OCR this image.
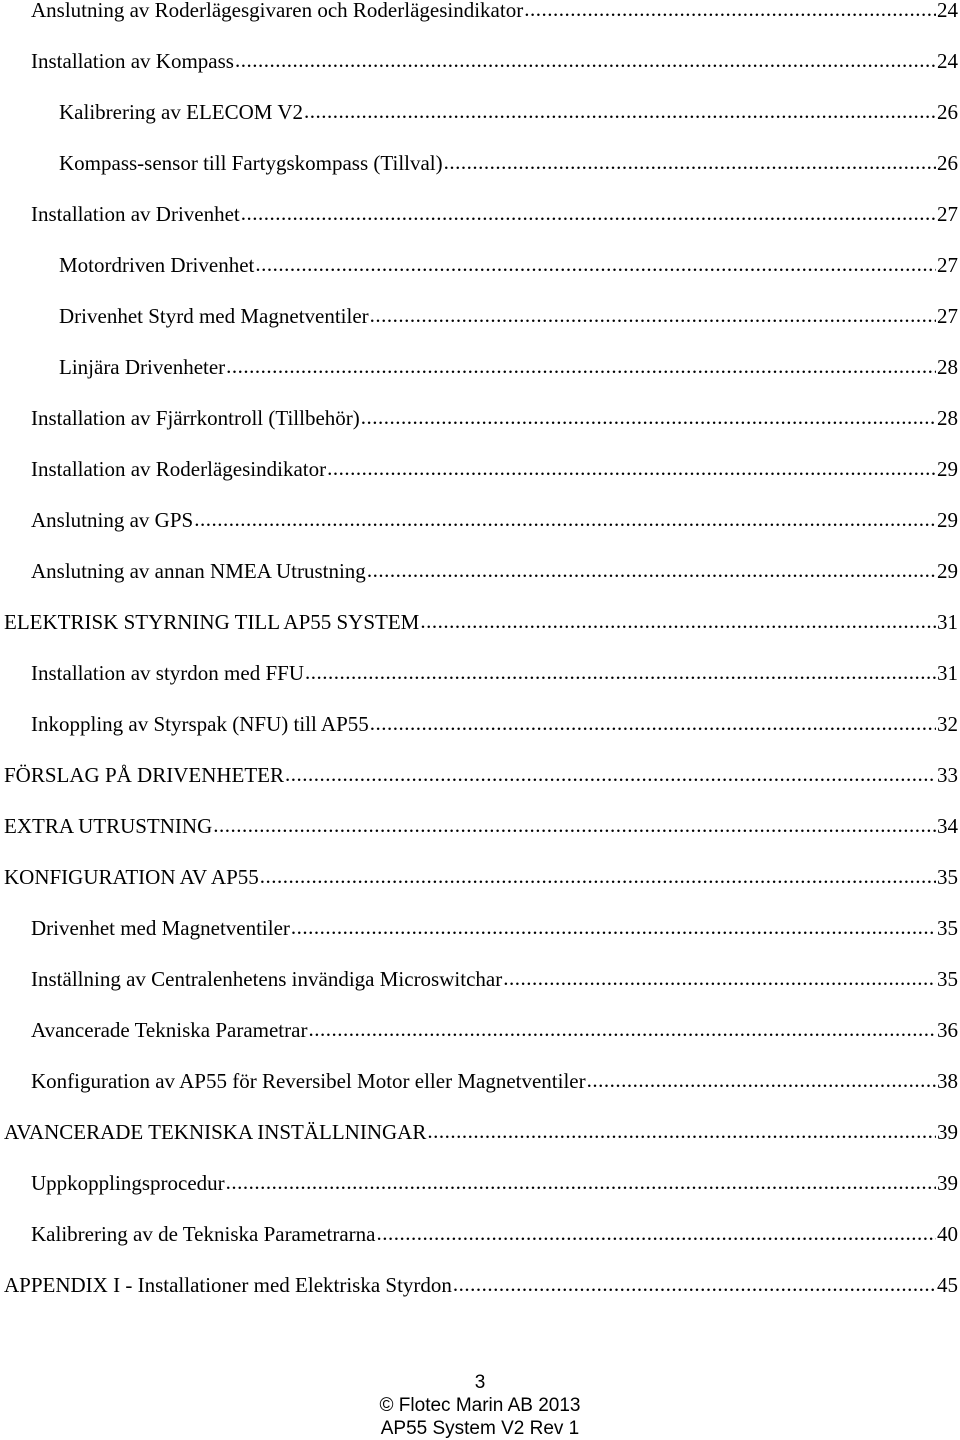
Anslutning av Roderlägesgivaren och Roderlägesindikator .....	24
Installation av Kompass .....	24
Kalibrering av ELECOM V2 .....	26
Kompass-sensor till Fartygskompass (Tillval) .....	26
Installation av Drivenhet .....	27
Motordriven Drivenhet .....	27
Drivenhet Styrd med Magnetventiler .....	27
Linjära Drivenheter .....	28
Installation av Fjärrkontroll (Tillbehör) .....	28
Installation av Roderlägesindikator .....	29
Anslutning av GPS .....	29
Anslutning av annan NMEA Utrustning .....	29
ELEKTRISK STYRNING TILL AP55 SYSTEM .....	31
Installation av styrdon med FFU .....	31
Inkoppling av Styrspak (NFU) till AP55 .....	32
FÖRSLAG PÅ DRIVENHETER .....	33
EXTRA UTRUSTNING .....	34
KONFIGURATION AV AP55 .....	35
Drivenhet med Magnetventiler .....	35
Inställning av Centralenhetens invändiga Microswitchar .....	35
Avancerade Tekniska Parametrar .....	36
Konfiguration av AP55 för Reversibel Motor eller Magnetventiler .....	38
AVANCERADE TEKNISKA INSTÄLLNINGAR .....	39
Uppkopplingsprocedur .....	39
Kalibrering av de Tekniska Parametrarna .....	40
APPENDIX I - Installationer med Elektriska Styrdon .....	45
3
© Flotec Marin AB 2013
AP55 System V2 Rev 1
